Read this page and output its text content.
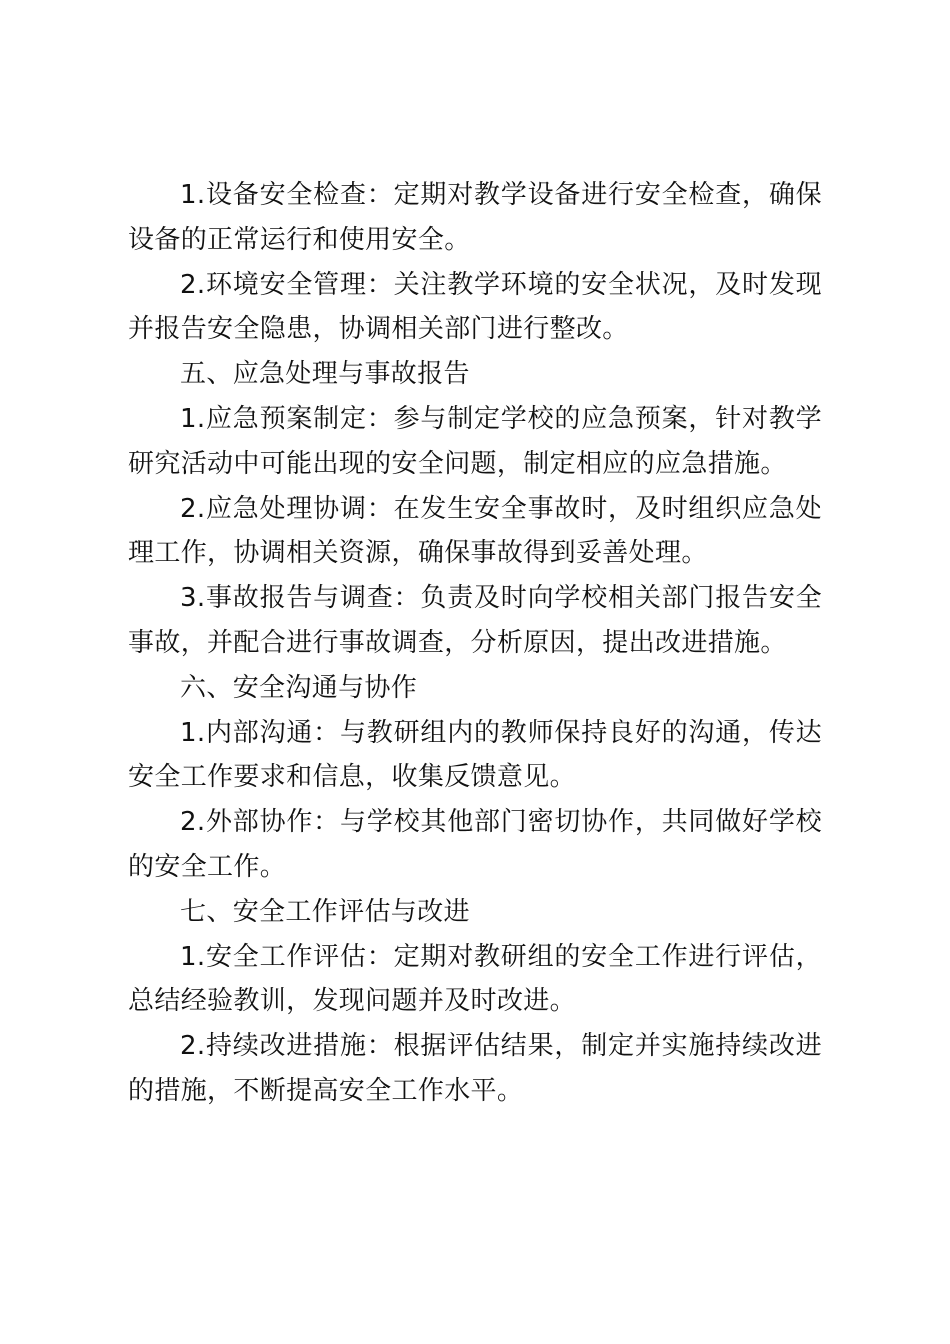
1.设备安全检查：定期对教学设备进行安全检查，确保设备的正常运行和使用安全。

2.环境安全管理：关注教学环境的安全状况，及时发现并报告安全隐患，协调相关部门进行整改。

五、应急处理与事故报告

1.应急预案制定：参与制定学校的应急预案，针对教学研究活动中可能出现的安全问题，制定相应的应急措施。

2.应急处理协调：在发生安全事故时，及时组织应急处理工作，协调相关资源，确保事故得到妥善处理。

3.事故报告与调查：负责及时向学校相关部门报告安全事故，并配合进行事故调查，分析原因，提出改进措施。

六、安全沟通与协作

1.内部沟通：与教研组内的教师保持良好的沟通，传达安全工作要求和信息，收集反馈意见。

2.外部协作：与学校其他部门密切协作，共同做好学校的安全工作。

七、安全工作评估与改进

1.安全工作评估：定期对教研组的安全工作进行评估，总结经验教训，发现问题并及时改进。

2.持续改进措施：根据评估结果，制定并实施持续改进的措施，不断提高安全工作水平。
